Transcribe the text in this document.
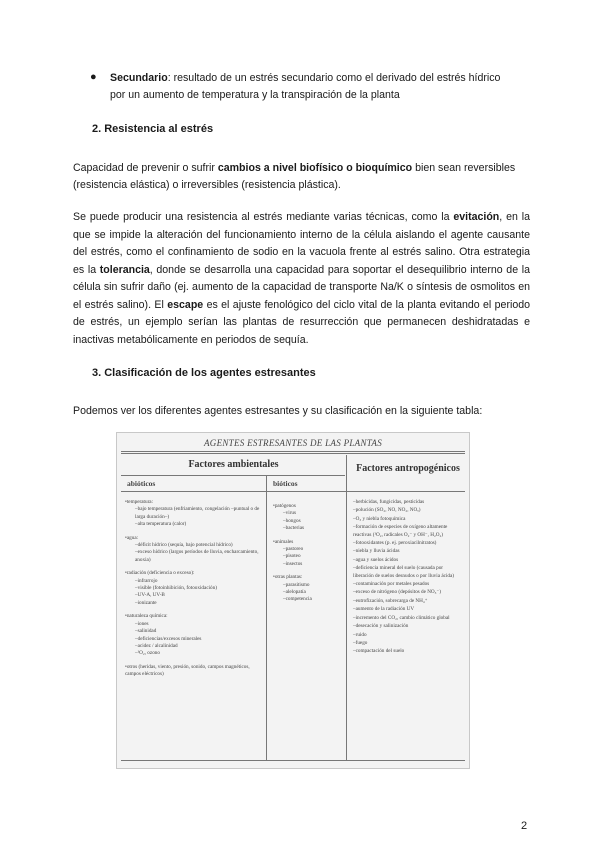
● Secundario: resultado de un estrés secundario como el derivado del estrés hídrico
por un aumento de temperatura y la transpiración de la planta
2. Resistencia al estrés
Capacidad de prevenir o sufrir cambios a nivel biofísico o bioquímico bien sean reversibles
(resistencia elástica) o irreversibles (resistencia plástica).
Se puede producir una resistencia al estrés mediante varias técnicas, como la evitación, en la que se impide la alteración del funcionamiento interno de la célula aislando el agente causante del estrés, como el confinamiento de sodio en la vacuola frente al estrés salino. Otra estrategia es la tolerancia, donde se desarrolla una capacidad para soportar el desequilibrio interno de la célula sin sufrir daño (ej. aumento de la capacidad de transporte Na/K o síntesis de osmolitos en el estrés salino). El escape es el ajuste fenológico del ciclo vital de la planta evitando el periodo de estrés, un ejemplo serían las plantas de resurrección que permanecen deshidratadas e inactivas metabólicamente en periodos de sequía.
3. Clasificación de los agentes estresantes
Podemos ver los diferentes agentes estresantes y su clasificación en la siguiente tabla:
AGENTES ESTRESANTES DE LAS PLANTAS
Factores ambientales	Factores antropogénicos
abióticos	bióticos
• temperatura:
– bajo temperatura (enfriamiento, congelación –puntual o de larga duración–)
– alta temperatura (calor)
• agua:
– déficit hídrico (sequía, bajo potencial hídrico)
– exceso hídrico (largos períodos de lluvia, encharcamiento, anoxia)
• radiación (deficiencia o exceso):
– infrarrojo
– visible (fotoinhibición, fotooxidación)
– UV-A, UV-B
– ionizante
• naturaleza química:
– iones
– salinidad
– deficiencias/excesos minerales
– acidez / alcalinidad
– ¹O₂, ozono
• otros (heridas, viento, presión, sonido, campos magnéticos, campos eléctricos)
• patógenos
– virus
– hongos
– bacterias
• animales
– pastoreo
– pisoteo
– insectos
• otras plantas:
– parasitismo
– alelopatía
– competencia
– herbicidas, fungicidas, pesticidas
– polución (SO₂, NO, NO₂, NOₓ)
– O₃ y niebla fotoquímica
– formación de especies de oxígeno altamente reactivas (¹O₂, radicales O₂⁻ y OH⁻, H₂O₂)
– fotooxidantes (p. ej. peroxiacilnitratos)
– niebla y lluvia ácidas
– agua y suelos ácidos
– deficiencia mineral del suelo (causada por liberación de suelos desnudos o por lluvia ácida)
– contaminación por metales pesados
– exceso de nitrógeno (depósitos de NO₃⁻)
– eutrofización, sobrecarga de NH₄⁺
– aumento de la radiación UV
– incremento del CO₂, cambio climático global
– desecación y salinización
– ruido
– fuego
– compactación del suelo
2
